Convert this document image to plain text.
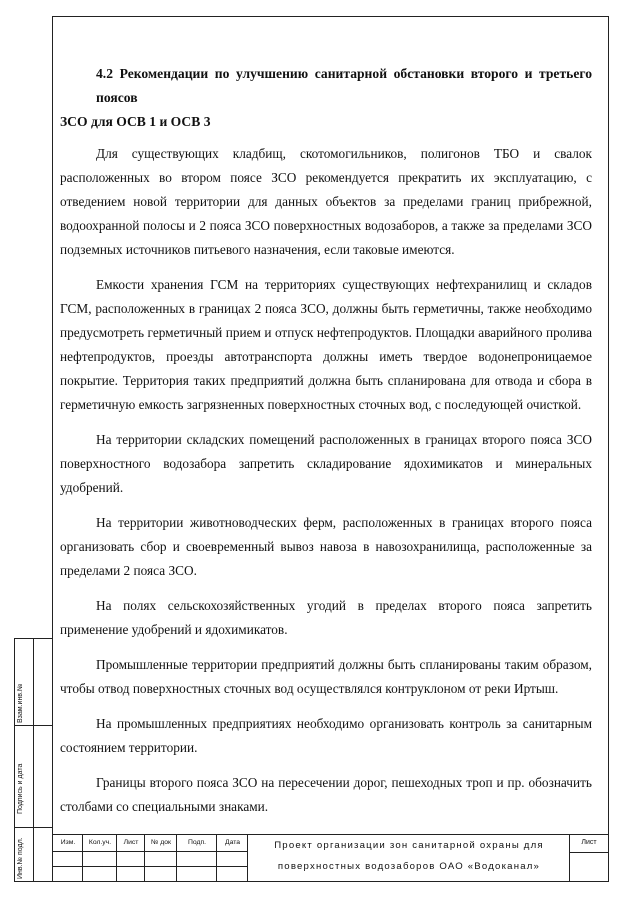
Взам.инв.№
Подпись и дата
Инв.№ подл.
4.2 Рекомендации по улучшению санитарной обстановки второго и третьего поясов
ЗСО для ОСВ 1 и ОСВ 3

Для существующих кладбищ, скотомогильников, полигонов ТБО и свалок расположенных во втором поясе ЗСО рекомендуется прекратить их эксплуатацию, с отведением новой территории для данных объектов за пределами границ прибрежной, водоохранной полосы и 2 пояса ЗСО поверхностных водозаборов, а также за пределами ЗСО подземных источников питьевого назначения, если таковые имеются.

Емкости хранения ГСМ на территориях существующих нефтехранилищ и складов ГСМ, расположенных в границах 2 пояса ЗСО, должны быть герметичны, также необходимо предусмотреть герметичный прием и отпуск нефтепродуктов. Площадки аварийного пролива нефтепродуктов, проезды автотранспорта должны иметь твердое водонепроницаемое покрытие. Территория таких предприятий должна быть спланирована для отвода и сбора в герметичную емкость загрязненных поверхностных сточных вод, с последующей очисткой.

На территории складских помещений расположенных в границах второго пояса ЗСО поверхностного водозабора запретить складирование ядохимикатов и минеральных удобрений.

На территории животноводческих ферм, расположенных в границах второго пояса организовать сбор и своевременный вывоз навоза в навозохранилища, расположенные за пределами 2 пояса ЗСО.

На полях сельскохозяйственных угодий в пределах второго пояса запретить применение удобрений и ядохимикатов.

Промышленные территории предприятий должны быть спланированы таким образом, чтобы отвод поверхностных сточных вод осуществлялся контруклоном от реки Иртыш.

На промышленных предприятиях необходимо организовать контроль за санитарным состоянием территории.

Границы второго пояса ЗСО на пересечении дорог, пешеходных троп и пр. обозначить столбами со специальными знаками.

Изм.	Кол.уч.	Лист	№ док	Подп.	Дата	Проект организации зон санитарной охраны для
поверхностных водозаборов ОАО «Водоканал»
Лист
